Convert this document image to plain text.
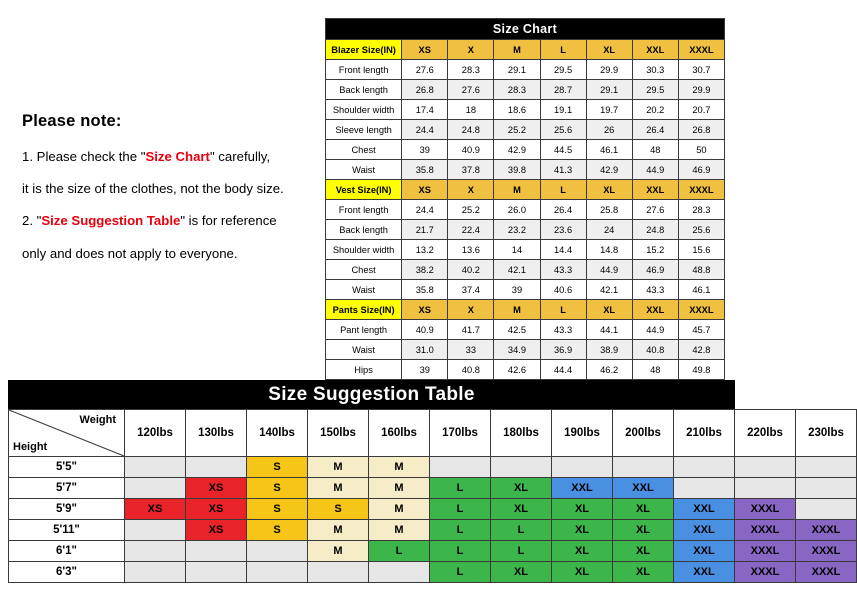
Please note:
1. Please check the "Size Chart" carefully,
it is the size of the clothes, not the body size.
2. "Size Suggestion Table" is for reference
only and does not apply to everyone.
Size Chart							
Blazer Size(IN)	XS	X	M	L	XL	XXL	XXXL
Front length	27.6	28.3	29.1	29.5	29.9	30.3	30.7
Back length	26.8	27.6	28.3	28.7	29.1	29.5	29.9
Shoulder width	17.4	18	18.6	19.1	19.7	20.2	20.7
Sleeve length	24.4	24.8	25.2	25.6	26	26.4	26.8
Chest	39	40.9	42.9	44.5	46.1	48	50
Waist	35.8	37.8	39.8	41.3	42.9	44.9	46.9
Vest Size(IN)	XS	X	M	L	XL	XXL	XXXL
Front length	24.4	25.2	26.0	26.4	25.8	27.6	28.3
Back length	21.7	22.4	23.2	23.6	24	24.8	25.6
Shoulder width	13.2	13.6	14	14.4	14.8	15.2	15.6
Chest	38.2	40.2	42.1	43.3	44.9	46.9	48.8
Waist	35.8	37.4	39	40.6	42.1	43.3	46.1
Pants Size(IN)	XS	X	M	L	XL	XXL	XXXL
Pant length	40.9	41.7	42.5	43.3	44.1	44.9	45.7
Waist	31.0	33	34.9	36.9	38.9	40.8	42.8
Hips	39	40.8	42.6	44.4	46.2	48	49.8
Size Suggestion Table
Weight
Height	120lbs	130lbs	140lbs	150lbs	160lbs	170lbs	180lbs	190lbs	200lbs	210lbs	220lbs	230lbs
5'5"			S	M	M							
5'7"		XS	S	M	M	L	XL	XXL	XXL			
5'9"	XS	XS	S	S	M	L	XL	XL	XL	XXL	XXXL	
5'11"		XS	S	M	M	L	L	XL	XL	XXL	XXXL	XXXL
6'1"				M	L	L	L	XL	XL	XXL	XXXL	XXXL
6'3"						L	XL	XL	XL	XXL	XXXL	XXXL
